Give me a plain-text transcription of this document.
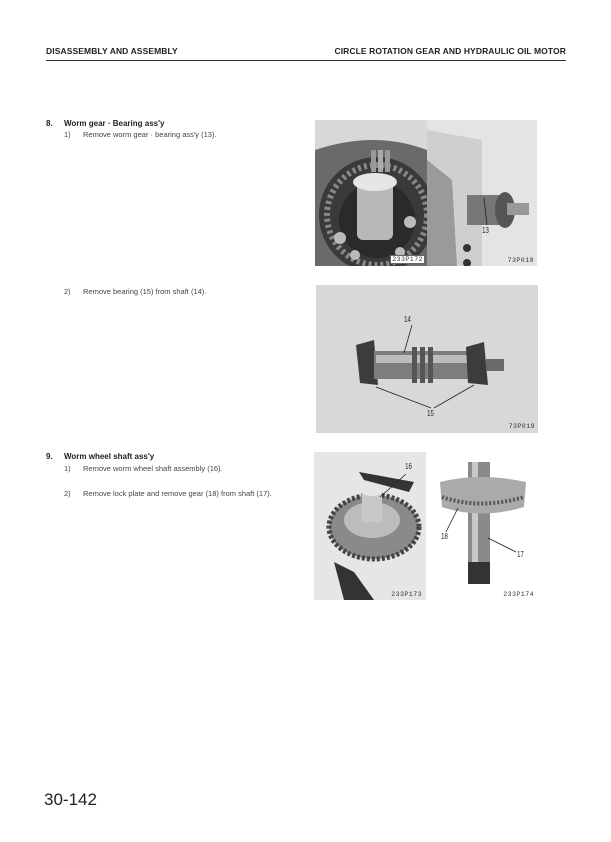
DISASSEMBLY AND ASSEMBLY	CIRCLE ROTATION GEAR AND HYDRAULIC OIL MOTOR
8. Worm gear · Bearing ass'y
1) Remove worm gear · bearing ass'y (13).
2) Remove bearing (15) from shaft (14).
9. Worm wheel shaft ass'y
1) Remove worm wheel shaft assembly (16).
2) Remove lock plate and remove gear (18) from shaft (17).
233P172
13
73P018
14
15
73P019
16
233P173
18
17
233P174
30-142
